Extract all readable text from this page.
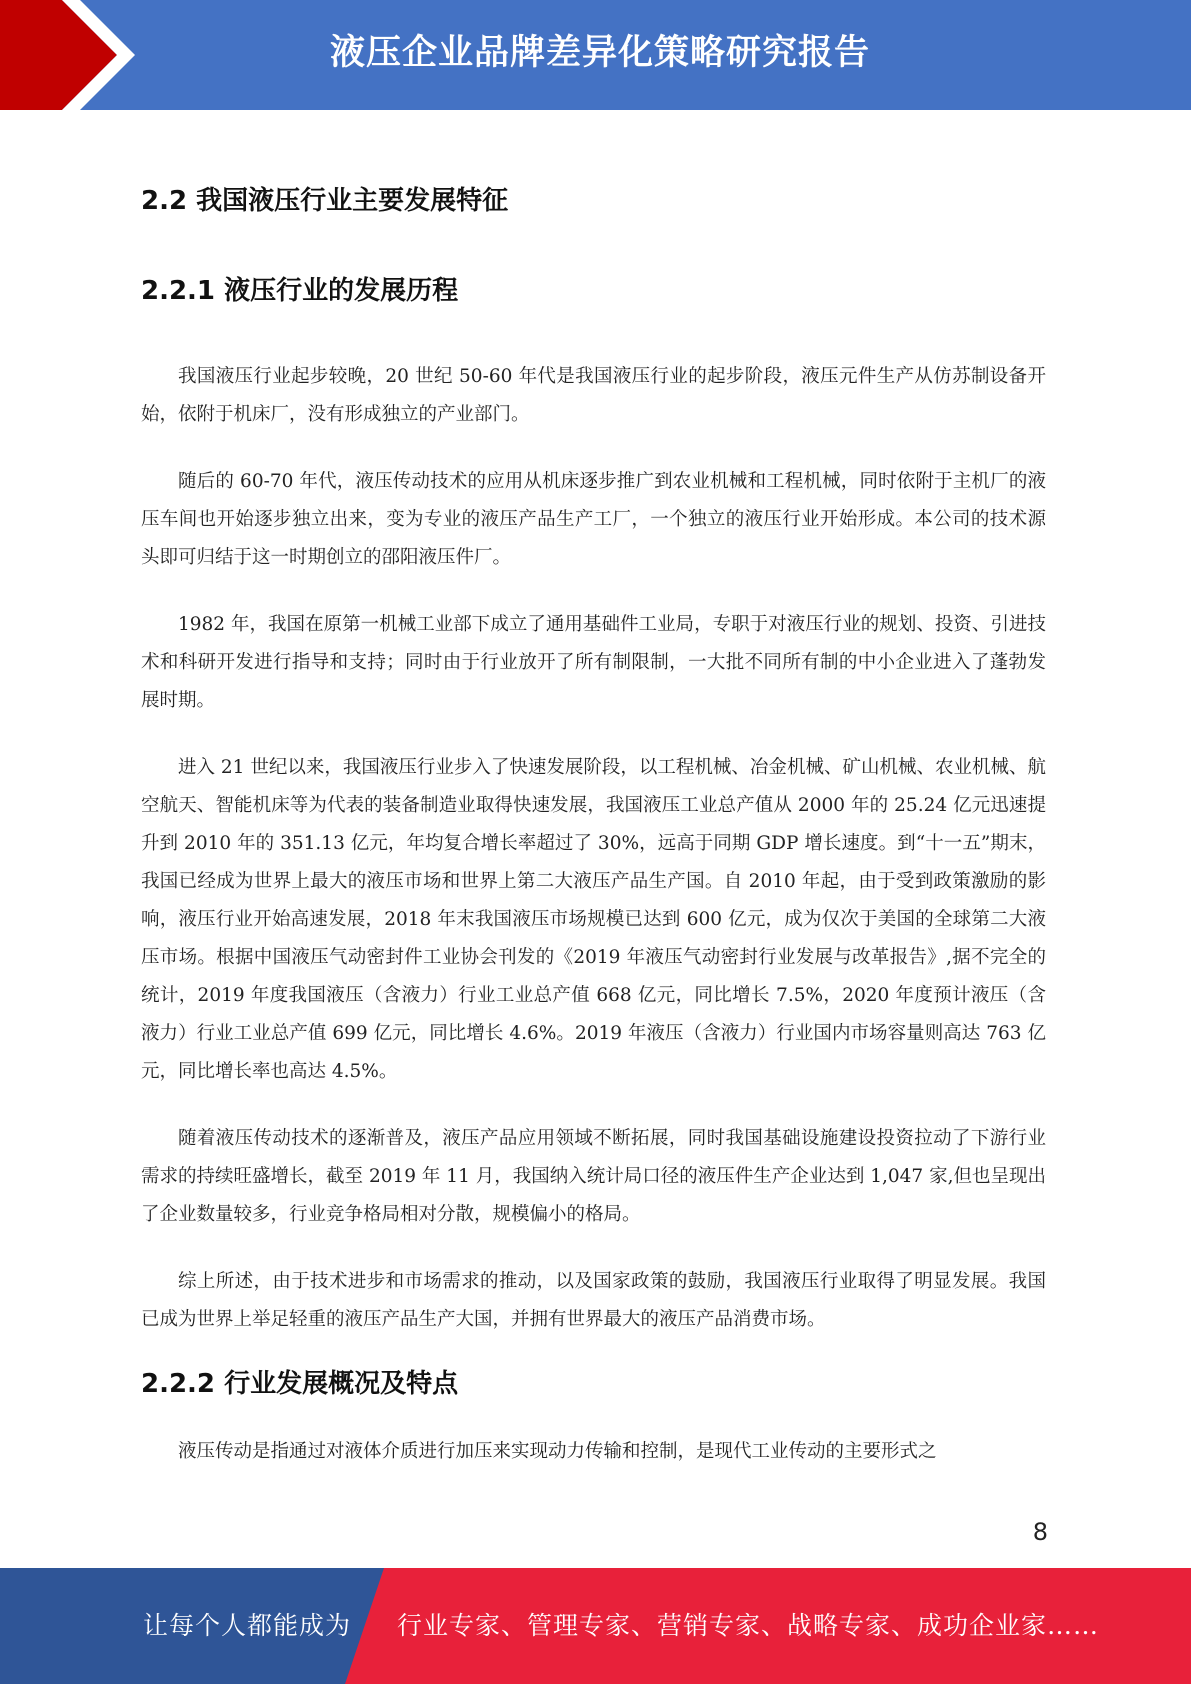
液压企业品牌差异化策略研究报告
2.2 我国液压行业主要发展特征
2.2.1 液压行业的发展历程

我国液压行业起步较晚，20 世纪 50-60 年代是我国液压行业的起步阶段，液压元件生产从仿苏制设备开始，依附于机床厂，没有形成独立的产业部门。

随后的 60-70 年代，液压传动技术的应用从机床逐步推广到农业机械和工程机械，同时依附于主机厂的液压车间也开始逐步独立出来，变为专业的液压产品生产工厂，一个独立的液压行业开始形成。本公司的技术源头即可归结于这一时期创立的邵阳液压件厂。

1982 年，我国在原第一机械工业部下成立了通用基础件工业局，专职于对液压行业的规划、投资、引进技术和科研开发进行指导和支持；同时由于行业放开了所有制限制，一大批不同所有制的中小企业进入了蓬勃发展时期。

进入 21 世纪以来，我国液压行业步入了快速发展阶段，以工程机械、冶金机械、矿山机械、农业机械、航空航天、智能机床等为代表的装备制造业取得快速发展，我国液压工业总产值从 2000 年的 25.24 亿元迅速提升到 2010 年的 351.13 亿元，年均复合增长率超过了 30%，远高于同期 GDP 增长速度。到“十一五”期末，我国已经成为世界上最大的液压市场和世界上第二大液压产品生产国。自 2010 年起，由于受到政策激励的影响，液压行业开始高速发展，2018 年末我国液压市场规模已达到 600 亿元，成为仅次于美国的全球第二大液压市场。根据中国液压气动密封件工业协会刊发的《2019 年液压气动密封行业发展与改革报告》,据不完全的统计，2019 年度我国液压（含液力）行业工业总产值 668 亿元，同比增长 7.5%，2020 年度预计液压（含液力）行业工业总产值 699 亿元，同比增长 4.6%。2019 年液压（含液力）行业国内市场容量则高达 763 亿元，同比增长率也高达 4.5%。

随着液压传动技术的逐渐普及，液压产品应用领域不断拓展，同时我国基础设施建设投资拉动了下游行业需求的持续旺盛增长，截至 2019 年 11 月，我国纳入统计局口径的液压件生产企业达到 1,047 家,但也呈现出了企业数量较多，行业竞争格局相对分散，规模偏小的格局。

综上所述，由于技术进步和市场需求的推动，以及国家政策的鼓励，我国液压行业取得了明显发展。我国已成为世界上举足轻重的液压产品生产大国，并拥有世界最大的液压产品消费市场。

2.2.2 行业发展概况及特点

液压传动是指通过对液体介质进行加压来实现动力传输和控制，是现代工业传动的主要形式之

8
让每个人都能成为 行业专家、管理专家、营销专家、战略专家、成功企业家……
